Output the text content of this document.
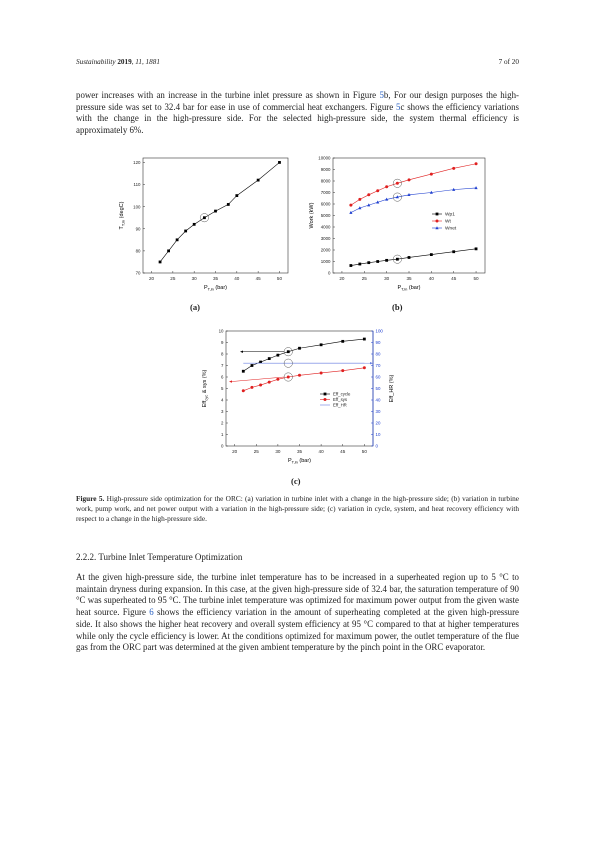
Sustainability 2019, 11, 1881	7 of 20

power increases with an increase in the turbine inlet pressure as shown in Figure 5b, For our design purposes the high-pressure side was set to 32.4 bar for ease in use of commercial heat exchangers. Figure 5c shows the efficiency variations with the change in the high-pressure side. For the selected high-pressure side, the system thermal efficiency is approximately 6%.

20	25	30	35	40	45	50
70
80
90
100
110
120
$P_{T,in}$ (bar)
$T_{T,in}$ (degC)
20	25	30	35	40	45	50
0
1000
2000
3000
4000
5000
6000
7000
8000
9000
10000
$P_{T,in}$ (bar)
Work (kW)	Wp1
Wt
Wnet
20	25	30	35	40	45	50
0
1
2
3
4
5
6
7
8
9
10
0
10
20
30
40
50
60
70
80
90
100
Eff_HR (%)
$P_{T,in}$ (bar)
Eff$_{cyc}$ & sys (%)	Eff_cycle
Eff_sys
Eff_HR
(a)	(b)
(c)

Figure 5. High-pressure side optimization for the ORC: (a) variation in turbine inlet with a change in the high-pressure side; (b) variation in turbine work, pump work, and net power output with a variation in the high-pressure side; (c) variation in cycle, system, and heat recovery efficiency with respect to a change in the high-pressure side.

2.2.2. Turbine Inlet Temperature Optimization

At the given high-pressure side, the turbine inlet temperature has to be increased in a superheated region up to 5 °C to maintain dryness during expansion. In this case, at the given high-pressure side of 32.4 bar, the saturation temperature of 90 °C was superheated to 95 °C. The turbine inlet temperature was optimized for maximum power output from the given waste heat source. Figure 6 shows the efficiency variation in the amount of superheating completed at the given high-pressure side. It also shows the higher heat recovery and overall system efficiency at 95 °C compared to that at higher temperatures while only the cycle efficiency is lower. At the conditions optimized for maximum power, the outlet temperature of the flue gas from the ORC part was determined at the given ambient temperature by the pinch point in the ORC evaporator.
